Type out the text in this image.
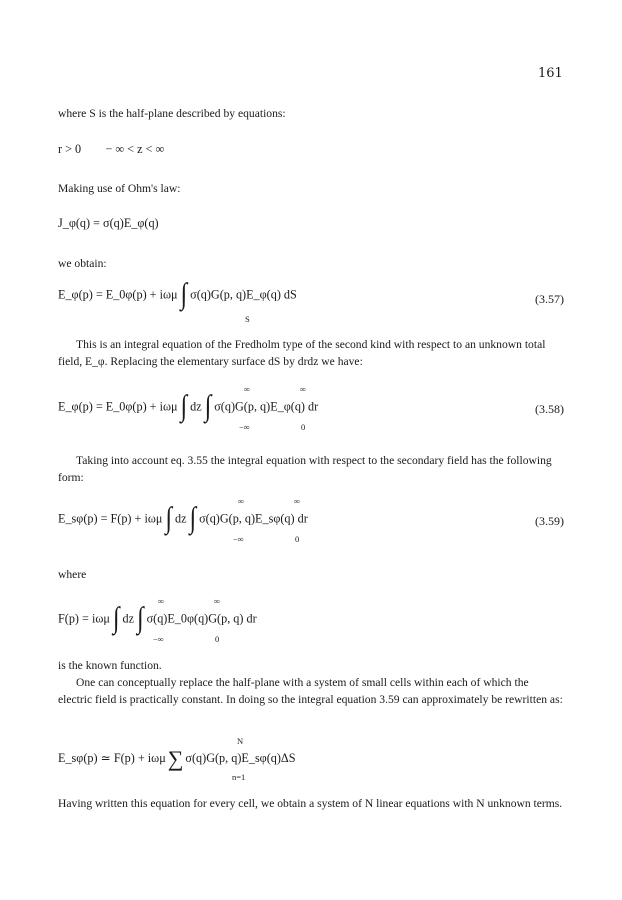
161
where S is the half-plane described by equations:
r > 0        − ∞ < z < ∞
Making use of Ohm's law:
J_φ(q) = σ(q)E_φ(q)
we obtain:
E_φ(p) = E_0φ(p) + iωμ ∫ σ(q)G(p, q)E_φ(q) dS
S
(3.57)
This is an integral equation of the Fredholm type of the second kind with respect to an unknown total field, E_φ. Replacing the elementary surface dS by drdz we have:
∞	∞
E_φ(p) = E_0φ(p) + iωμ ∫ dz ∫ σ(q)G(p, q)E_φ(q) dr
−∞	0
(3.58)
Taking into account eq. 3.55 the integral equation with respect to the secondary field has the following form:
∞	∞
E_sφ(p) = F(p) + iωμ ∫ dz ∫ σ(q)G(p, q)E_sφ(q) dr
−∞	0
(3.59)
where
∞	∞
F(p) = iωμ ∫ dz ∫ σ(q)E_0φ(q)G(p, q) dr
−∞	0
is the known function.
One can conceptually replace the half-plane with a system of small cells within each of which the electric field is practically constant. In doing so the integral equation 3.59 can approximately be rewritten as:
N
E_sφ(p) ≃ F(p) + iωμ∑ σ(q)G(p, q)E_sφ(q)ΔS
n=1
Having written this equation for every cell, we obtain a system of N linear equations with N unknown terms.
